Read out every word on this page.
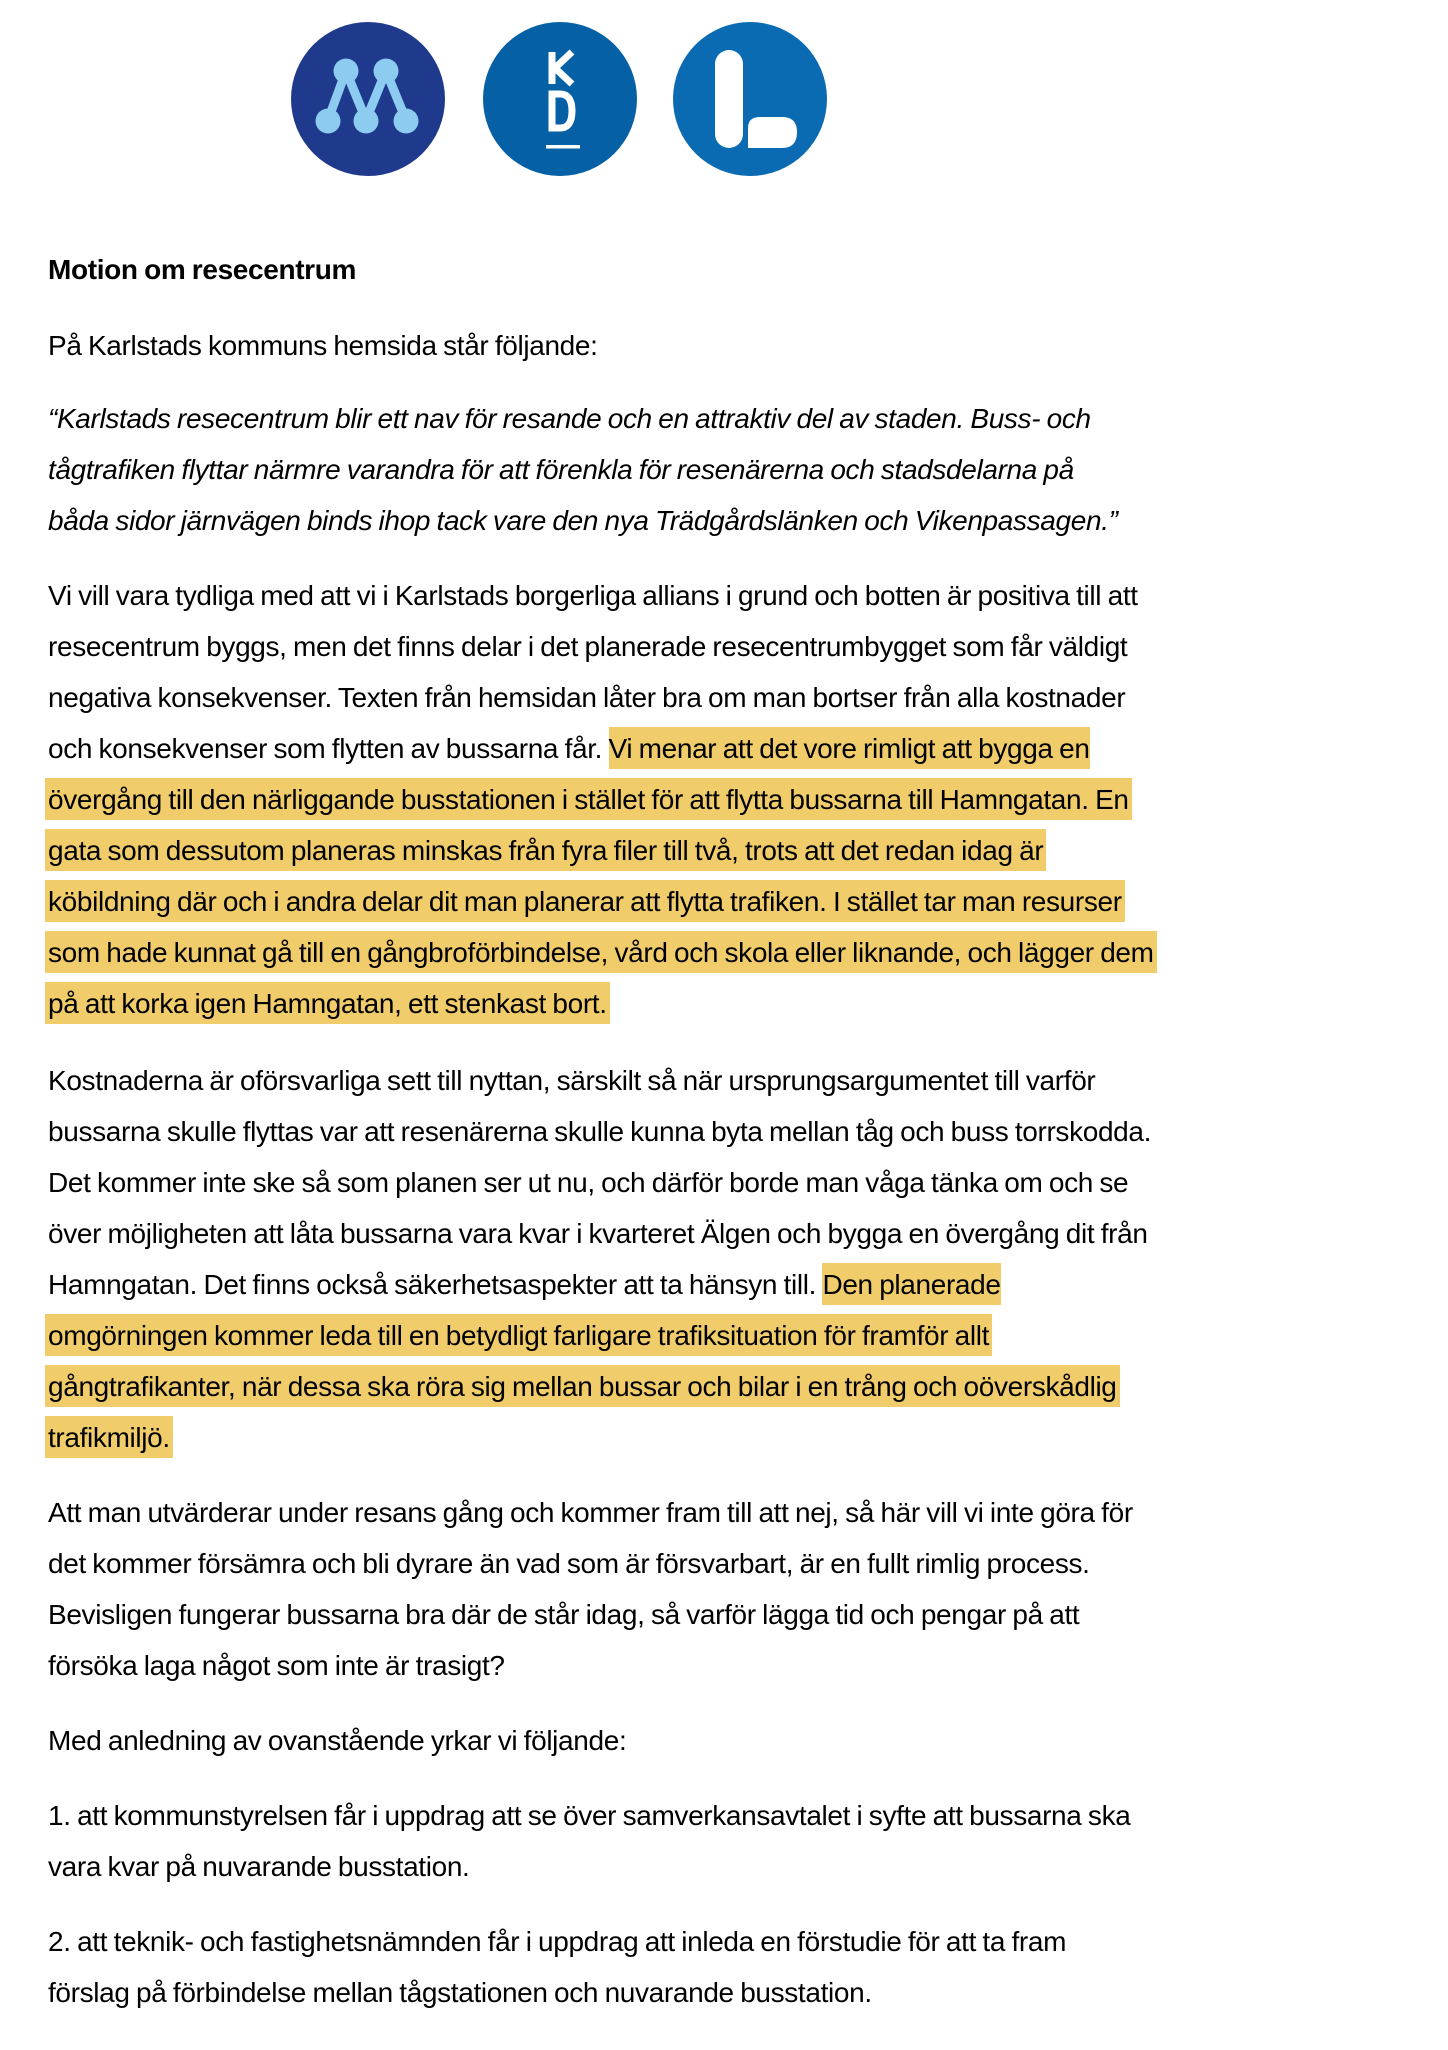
Motion om resecentrum
På Karlstads kommuns hemsida står följande:
“Karlstads resecentrum blir ett nav för resande och en attraktiv del av staden. Buss- och
tågtrafiken flyttar närmre varandra för att förenkla för resenärerna och stadsdelarna på
båda sidor järnvägen binds ihop tack vare den nya Trädgårdslänken och Vikenpassagen.”
Vi vill vara tydliga med att vi i Karlstads borgerliga allians i grund och botten är positiva till att
resecentrum byggs, men det finns delar i det planerade resecentrumbygget som får väldigt
negativa konsekvenser. Texten från hemsidan låter bra om man bortser från alla kostnader
och konsekvenser som flytten av bussarna får. Vi menar att det vore rimligt att bygga en
övergång till den närliggande busstationen i stället för att flytta bussarna till Hamngatan. En
gata som dessutom planeras minskas från fyra filer till två, trots att det redan idag är
köbildning där och i andra delar dit man planerar att flytta trafiken. I stället tar man resurser
som hade kunnat gå till en gångbroförbindelse, vård och skola eller liknande, och lägger dem
på att korka igen Hamngatan, ett stenkast bort.
Kostnaderna är oförsvarliga sett till nyttan, särskilt så när ursprungsargumentet till varför
bussarna skulle flyttas var att resenärerna skulle kunna byta mellan tåg och buss torrskodda.
Det kommer inte ske så som planen ser ut nu, och därför borde man våga tänka om och se
över möjligheten att låta bussarna vara kvar i kvarteret Älgen och bygga en övergång dit från
Hamngatan. Det finns också säkerhetsaspekter att ta hänsyn till. Den planerade
omgörningen kommer leda till en betydligt farligare trafiksituation för framför allt
gångtrafikanter, när dessa ska röra sig mellan bussar och bilar i en trång och oöverskådlig
trafikmiljö.
Att man utvärderar under resans gång och kommer fram till att nej, så här vill vi inte göra för
det kommer försämra och bli dyrare än vad som är försvarbart, är en fullt rimlig process.
Bevisligen fungerar bussarna bra där de står idag, så varför lägga tid och pengar på att
försöka laga något som inte är trasigt?
Med anledning av ovanstående yrkar vi följande:
1. att kommunstyrelsen får i uppdrag att se över samverkansavtalet i syfte att bussarna ska
vara kvar på nuvarande busstation.
2. att teknik- och fastighetsnämnden får i uppdrag att inleda en förstudie för att ta fram
förslag på förbindelse mellan tågstationen och nuvarande busstation.
